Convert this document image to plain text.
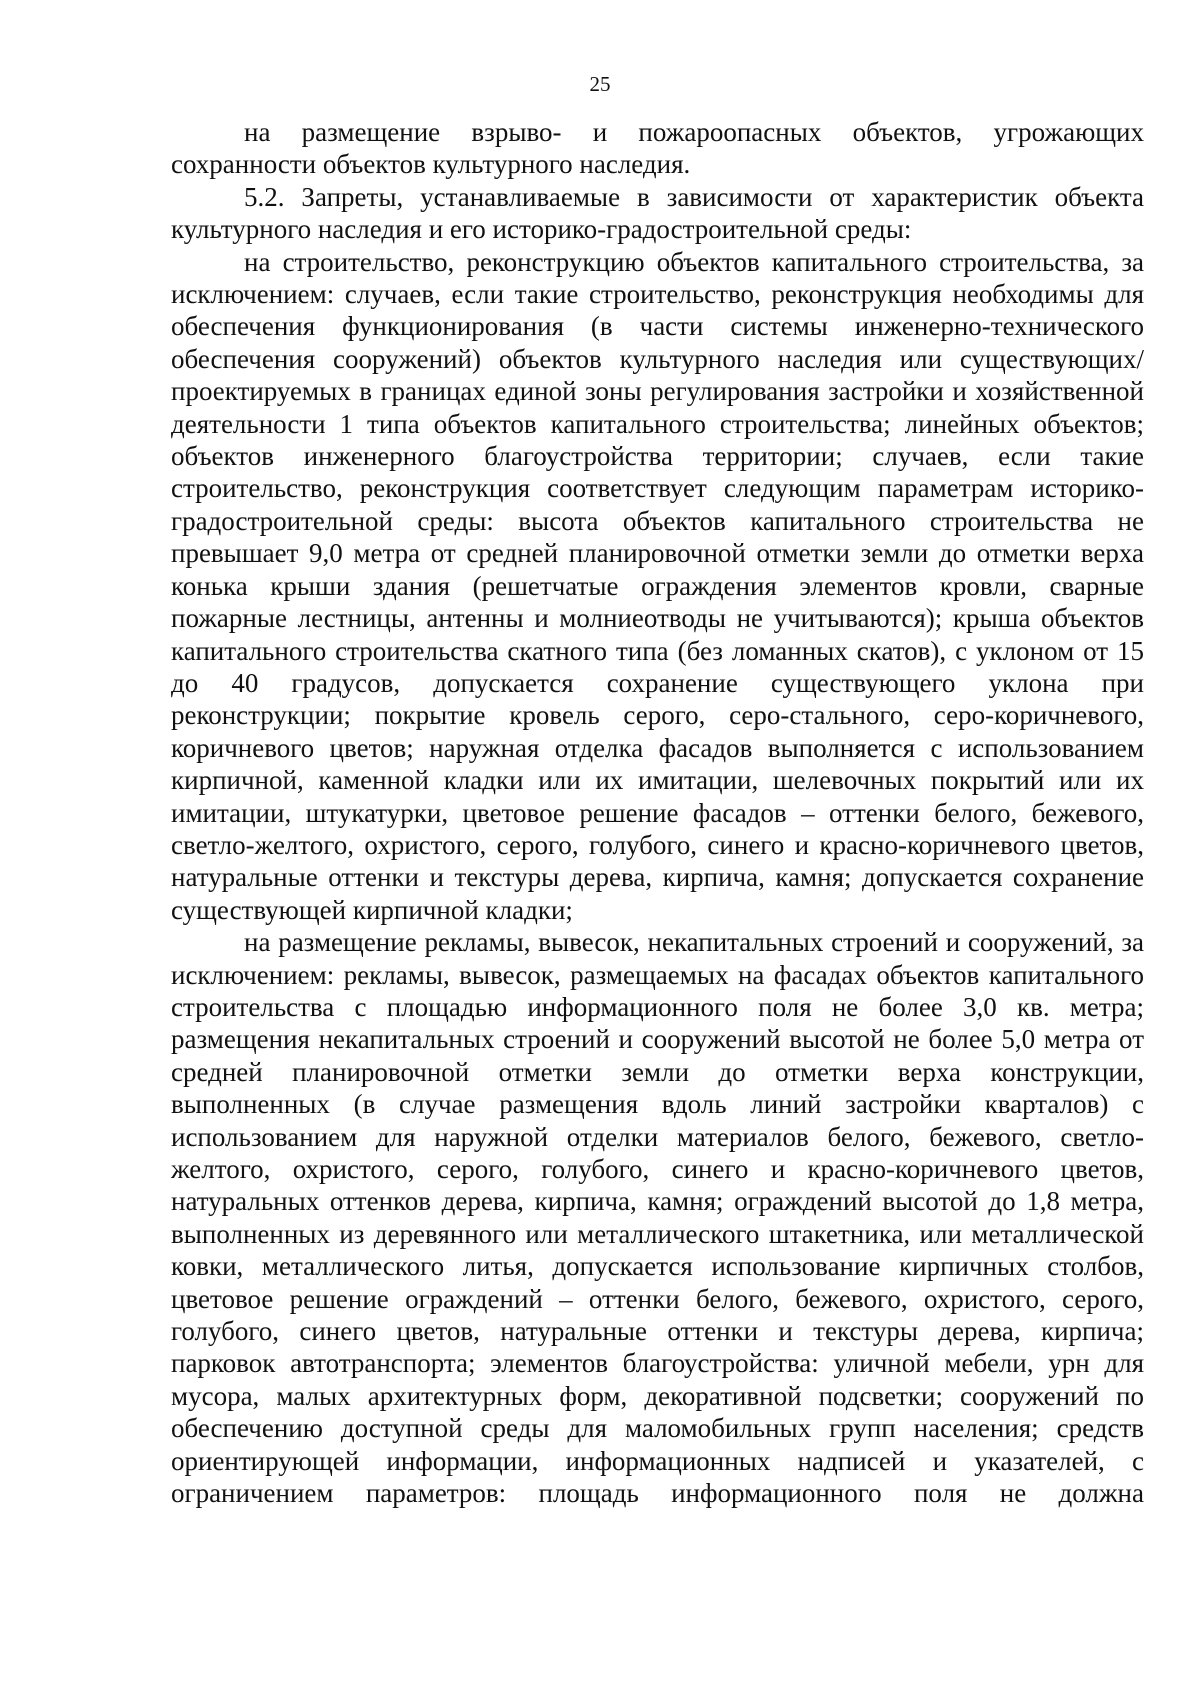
25

на размещение взрыво- и пожароопасных объектов, угрожающих сохранности объектов культурного наследия.

5.2. Запреты, устанавливаемые в зависимости от характеристик объекта культурного наследия и его историко-градостроительной среды:

на строительство, реконструкцию объектов капитального строительства, за исключением: случаев, если такие строительство, реконструкция необходимы для обеспечения функционирования (в части системы инженерно-технического обеспечения сооружений) объектов культурного наследия или существующих/проектируемых в границах единой зоны регулирования застройки и хозяйственной деятельности 1 типа объектов капитального строительства; линейных объектов; объектов инженерного благоустройства территории; случаев, если такие строительство, реконструкция соответствует следующим параметрам историко-градостроительной среды: высота объектов капитального строительства не превышает 9,0 метра от средней планировочной отметки земли до отметки верха конька крыши здания (решетчатые ограждения элементов кровли, сварные пожарные лестницы, антенны и молниеотводы не учитываются); крыша объектов капитального строительства скатного типа (без ломанных скатов), с уклоном от 15 до 40 градусов, допускается сохранение существующего уклона при реконструкции; покрытие кровель серого, серо-стального, серо-коричневого, коричневого цветов; наружная отделка фасадов выполняется с использованием кирпичной, каменной кладки или их имитации, шелевочных покрытий или их имитации, штукатурки, цветовое решение фасадов – оттенки белого, бежевого, светло-желтого, охристого, серого, голубого, синего и красно-коричневого цветов, натуральные оттенки и текстуры дерева, кирпича, камня; допускается сохранение существующей кирпичной кладки;

на размещение рекламы, вывесок, некапитальных строений и сооружений, за исключением: рекламы, вывесок, размещаемых на фасадах объектов капитального строительства с площадью информационного поля не более 3,0 кв. метра; размещения некапитальных строений и сооружений высотой не более 5,0 метра от средней планировочной отметки земли до отметки верха конструкции, выполненных (в случае размещения вдоль линий застройки кварталов) с использованием для наружной отделки материалов белого, бежевого, светло-желтого, охристого, серого, голубого, синего и красно-коричневого цветов, натуральных оттенков дерева, кирпича, камня; ограждений высотой до 1,8 метра, выполненных из деревянного или металлического штакетника, или металлической ковки, металлического литья, допускается использование кирпичных столбов, цветовое решение ограждений – оттенки белого, бежевого, охристого, серого, голубого, синего цветов, натуральные оттенки и текстуры дерева, кирпича; парковок автотранспорта; элементов благоустройства: уличной мебели, урн для мусора, малых архитектурных форм, декоративной подсветки; сооружений по обеспечению доступной среды для маломобильных групп населения; средств ориентирующей информации, информационных надписей и указателей, с ограничением параметров: площадь информационного поля не должна
